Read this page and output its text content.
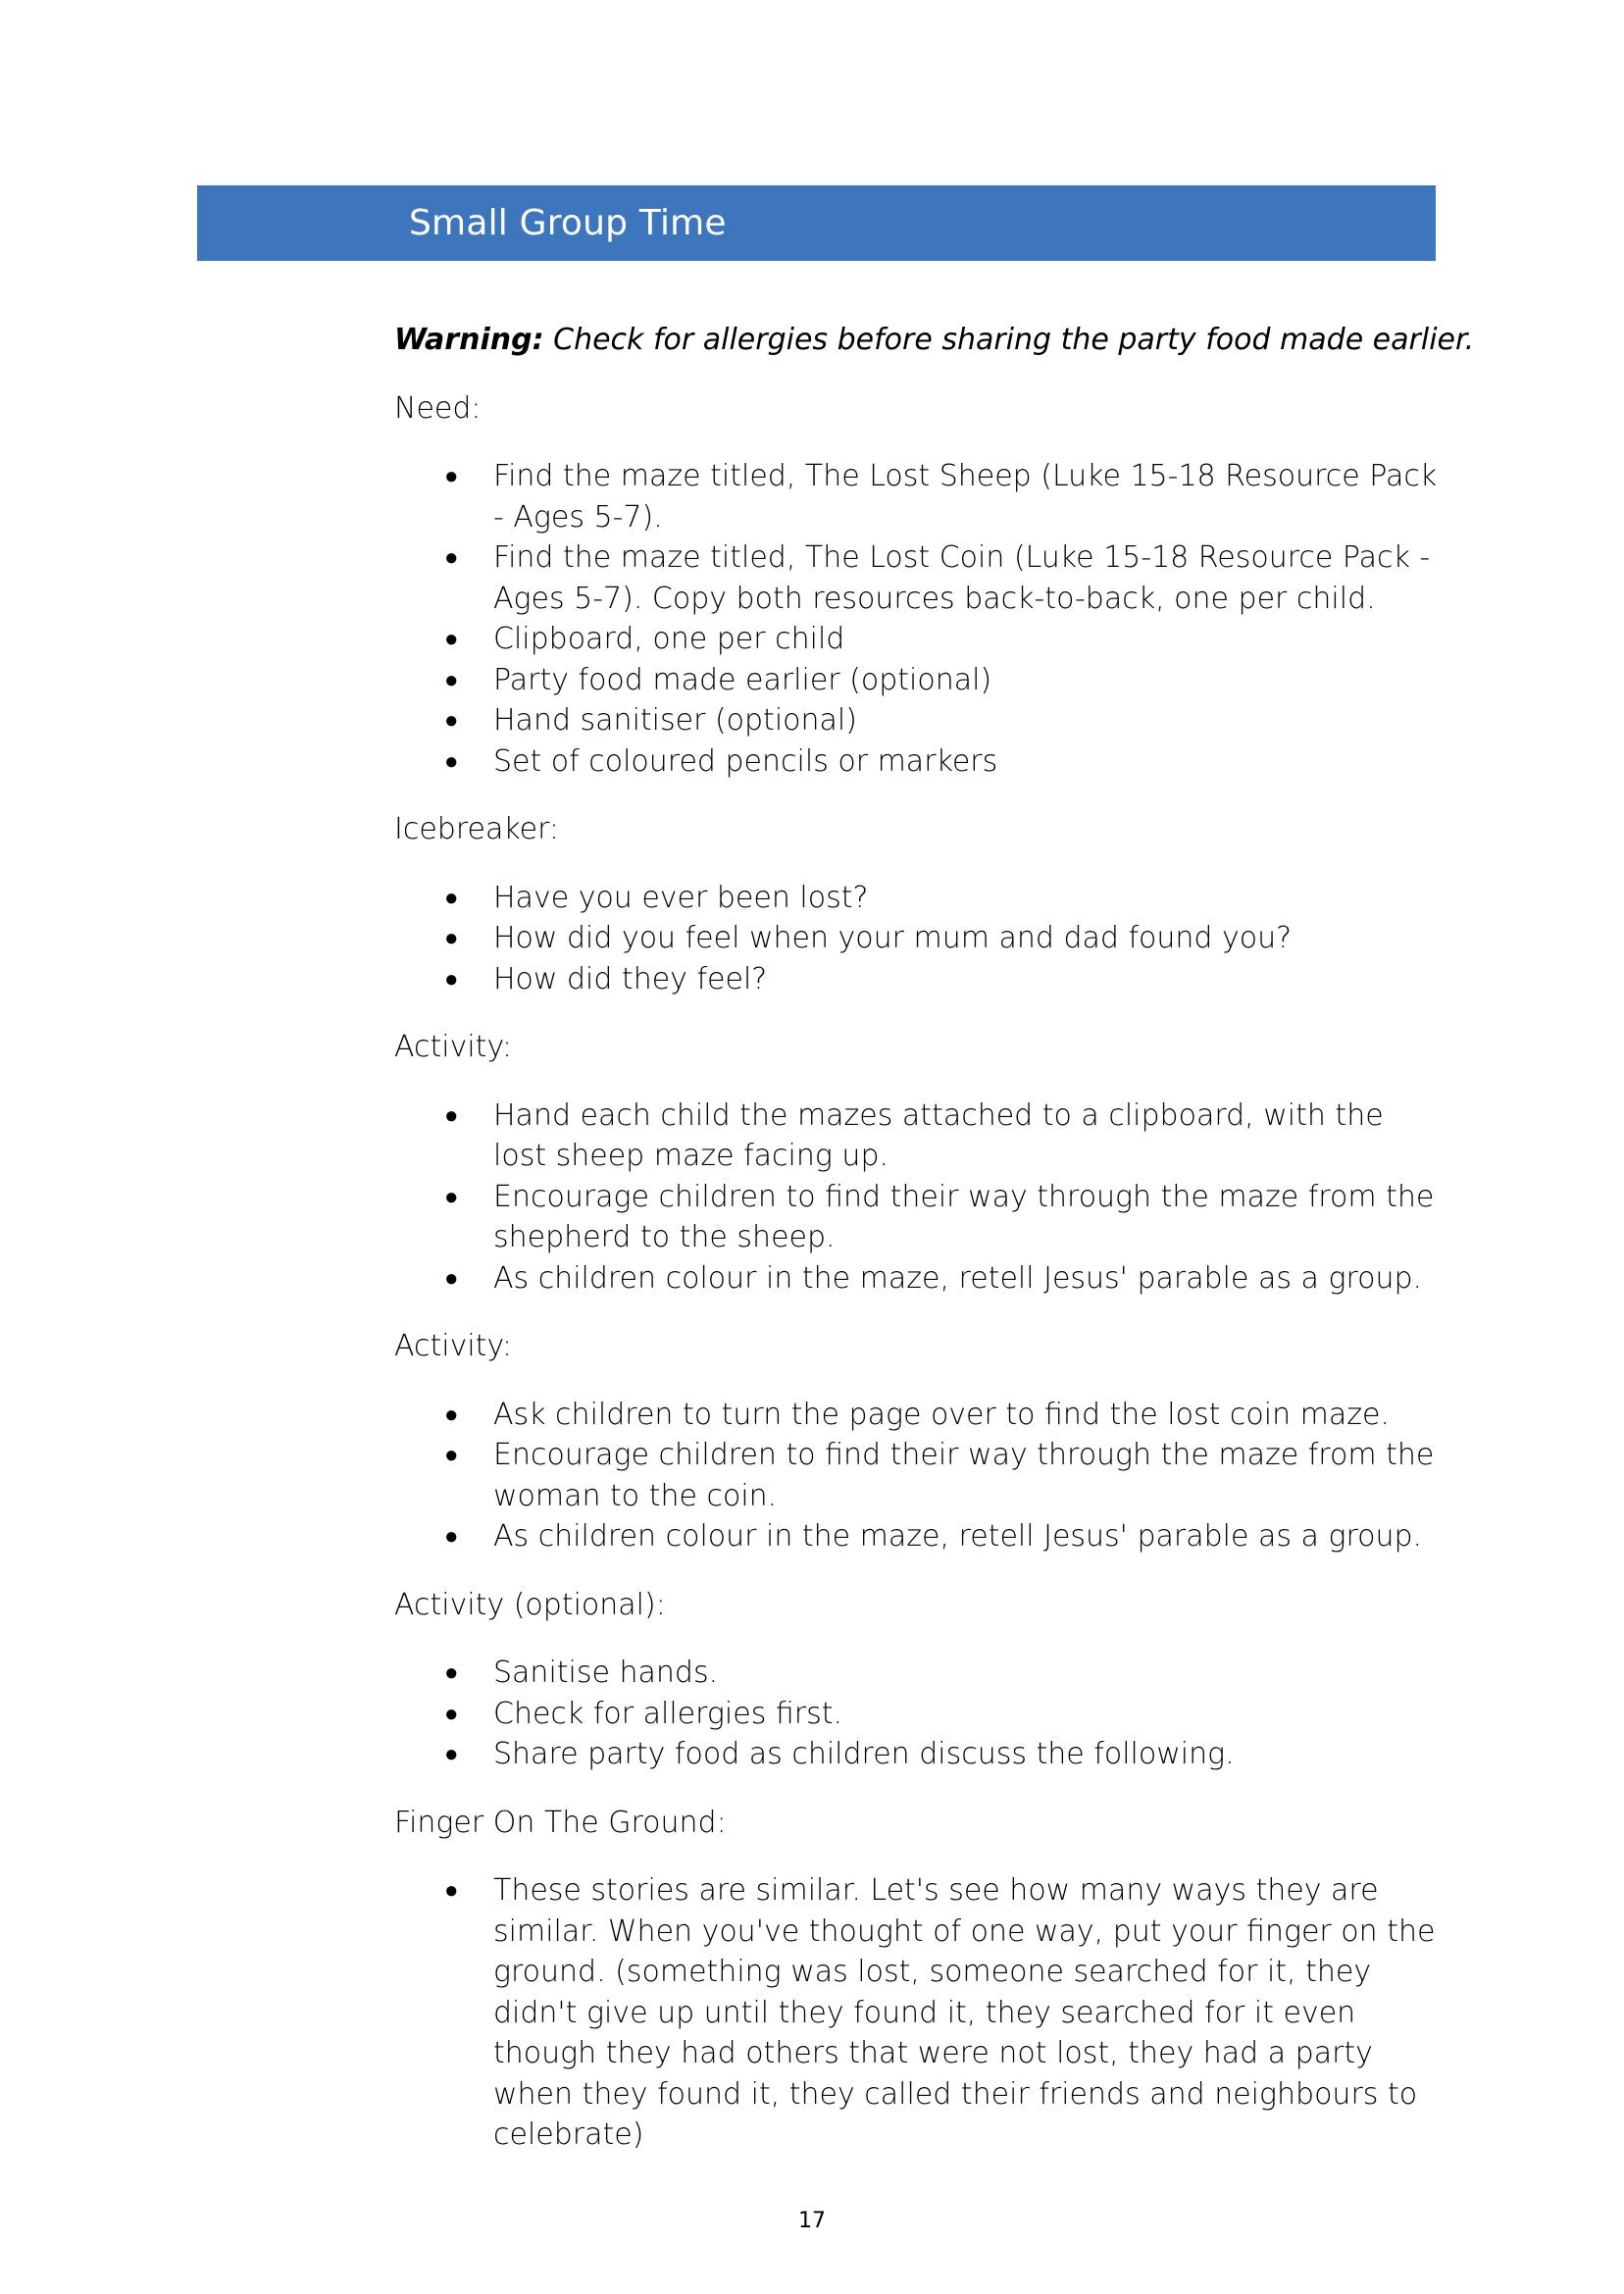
Small Group Time

Warning: Check for allergies before sharing the party food made earlier.

Need:

● Find the maze titled, The Lost Sheep (Luke 15-18 Resource Pack - Ages 5-7).
● Find the maze titled, The Lost Coin (Luke 15-18 Resource Pack - Ages 5-7). Copy both resources back-to-back, one per child.
● Clipboard, one per child
● Party food made earlier (optional)
● Hand sanitiser (optional)
● Set of coloured pencils or markers

Icebreaker:

● Have you ever been lost?
● How did you feel when your mum and dad found you?
● How did they feel?

Activity:

● Hand each child the mazes attached to a clipboard, with the lost sheep maze facing up.
● Encourage children to find their way through the maze from the shepherd to the sheep.
● As children colour in the maze, retell Jesus' parable as a group.

Activity:

● Ask children to turn the page over to find the lost coin maze.
● Encourage children to find their way through the maze from the woman to the coin.
● As children colour in the maze, retell Jesus' parable as a group.

Activity (optional):

● Sanitise hands.
● Check for allergies first.
● Share party food as children discuss the following.

Finger On The Ground:

● These stories are similar. Let's see how many ways they are similar. When you've thought of one way, put your finger on the ground. (something was lost, someone searched for it, they didn't give up until they found it, they searched for it even though they had others that were not lost, they had a party when they found it, they called their friends and neighbours to celebrate)
17
